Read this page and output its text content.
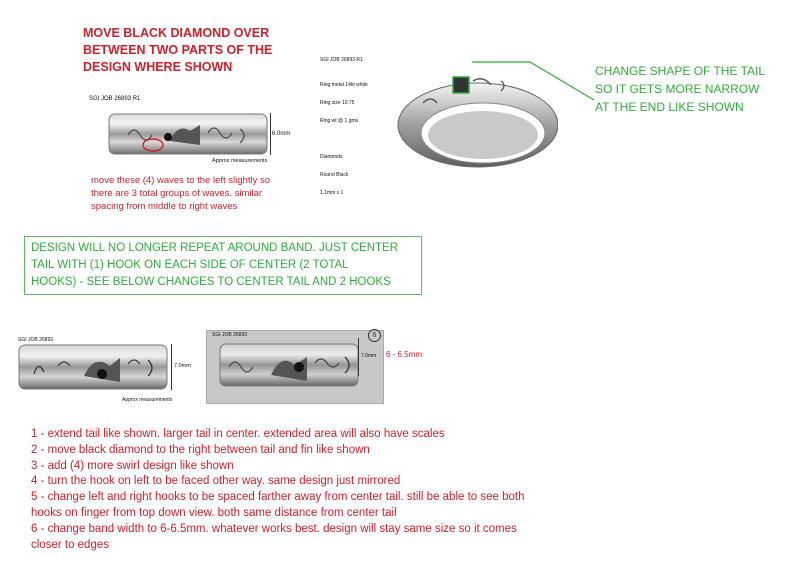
MOVE BLACK DIAMOND OVER
BETWEEN TWO PARTS OF THE
DESIGN WHERE SHOWN
SGI JOB 26893 R1
6.0mm
Approx measurements
move these (4) waves to the left slightly so
there are 3 total groups of waves. similar
spacing from middle to right waves
SGI JOB 26893 R1

Ring metal 14kt white

Ring size 10.75

Ring wt @ 1 gms

Diamonds

Round Black

1.1mm x 1

CHANGE SHAPE OF THE TAIL
SO IT GETS MORE NARROW
AT THE END LIKE SHOWN
DESIGN WILL NO LONGER REPEAT AROUND BAND. JUST CENTER
TAIL WITH (1) HOOK ON EACH SIDE OF CENTER (2 TOTAL
HOOKS) - SEE BELOW CHANGES TO CENTER TAIL AND 2 HOOKS
SGI JOB 26893
7.0mm
Approx measurements
SGI JOB 26893
7.0mm
6
6 - 6.5mm
1 - extend tail like shown. larger tail in center. extended area will also have scales
2 - move black diamond to the right between tail and fin like shown
3 - add (4) more swirl design like shown
4 - turn the hook on left to be faced other way. same design just mirrored
5 - change left and right hooks to be spaced farther away from center tail. still be able to see both
hooks on finger from top down view. both same distance from center tail
6 - change band width to 6-6.5mm. whatever works best. design will stay same size so it comes
closer to edges
